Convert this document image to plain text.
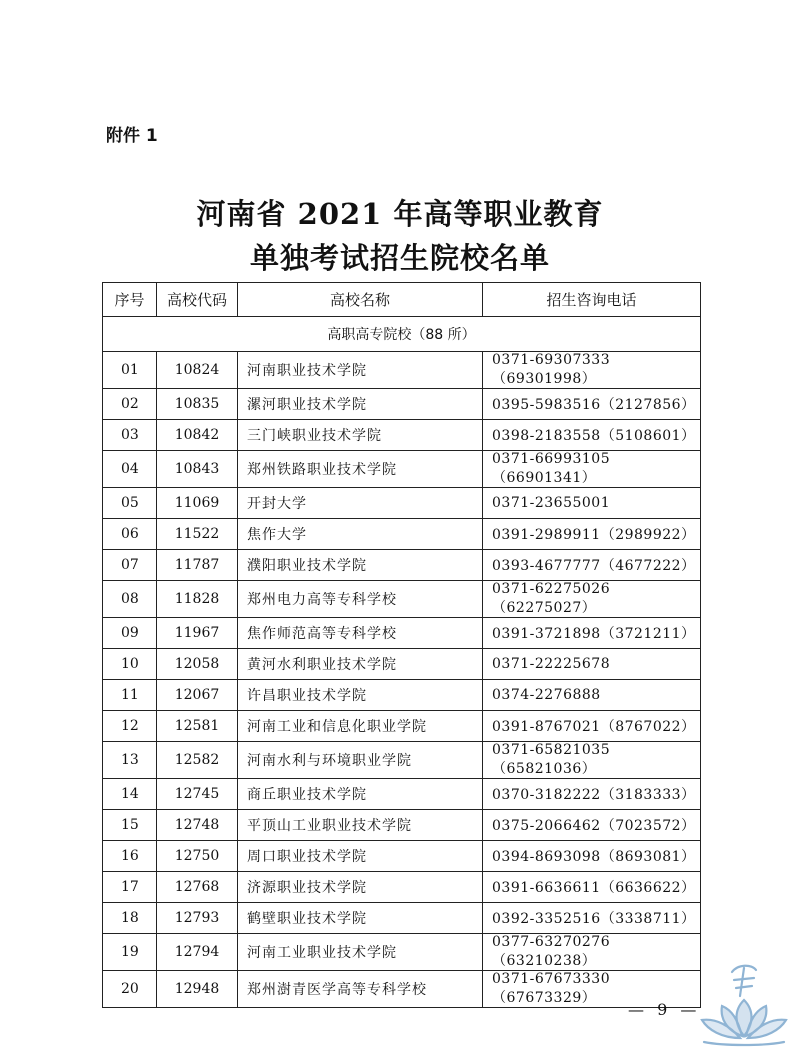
附件 1
河南省 2021 年高等职业教育
单独考试招生院校名单
序号	高校代码	高校名称	招生咨询电话
高职高专院校（88 所）			
01	10824	河南职业技术学院	0371-69307333（69301998）
02	10835	漯河职业技术学院	0395-5983516（2127856）
03	10842	三门峡职业技术学院	0398-2183558（5108601）
04	10843	郑州铁路职业技术学院	0371-66993105（66901341）
05	11069	开封大学	0371-23655001
06	11522	焦作大学	0391-2989911（2989922）
07	11787	濮阳职业技术学院	0393-4677777（4677222）
08	11828	郑州电力高等专科学校	0371-62275026（62275027）
09	11967	焦作师范高等专科学校	0391-3721898（3721211）
10	12058	黄河水利职业技术学院	0371-22225678
11	12067	许昌职业技术学院	0374-2276888
12	12581	河南工业和信息化职业学院	0391-8767021（8767022）
13	12582	河南水利与环境职业学院	0371-65821035（65821036）
14	12745	商丘职业技术学院	0370-3182222（3183333）
15	12748	平顶山工业职业技术学院	0375-2066462（7023572）
16	12750	周口职业技术学院	0394-8693098（8693081）
17	12768	济源职业技术学院	0391-6636611（6636622）
18	12793	鹤壁职业技术学院	0392-3352516（3338711）
19	12794	河南工业职业技术学院	0377-63270276（63210238）
20	12948	郑州澍青医学高等专科学校	0371-67673330（67673329）
— 9 —
